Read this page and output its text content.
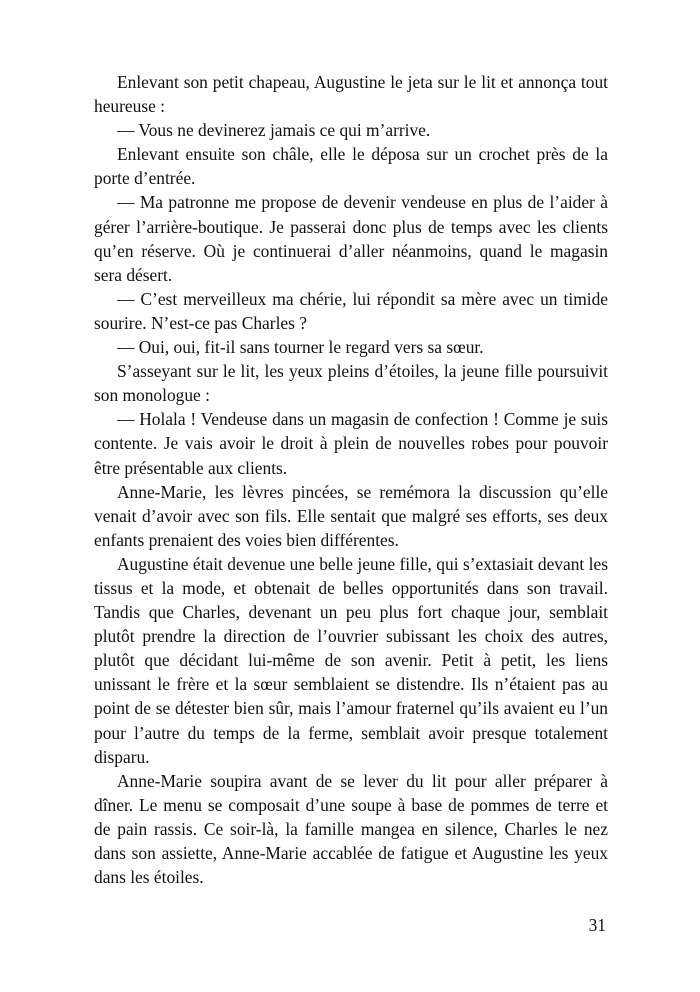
Enlevant son petit chapeau, Augustine le jeta sur le lit et annonça tout heureuse :

— Vous ne devinerez jamais ce qui m’arrive.

Enlevant ensuite son châle, elle le déposa sur un crochet près de la porte d’entrée.

— Ma patronne me propose de devenir vendeuse en plus de l’aider à gérer l’arrière-boutique. Je passerai donc plus de temps avec les clients qu’en réserve. Où je continuerai d’aller néanmoins, quand le magasin sera désert.

— C’est merveilleux ma chérie, lui répondit sa mère avec un timide sourire. N’est-ce pas Charles ?

— Oui, oui, fit-il sans tourner le regard vers sa sœur.

S’asseyant sur le lit, les yeux pleins d’étoiles, la jeune fille poursuivit son monologue :

— Holala ! Vendeuse dans un magasin de confection ! Comme je suis contente. Je vais avoir le droit à plein de nouvelles robes pour pouvoir être présentable aux clients.

Anne-Marie, les lèvres pincées, se remémora la discussion qu’elle venait d’avoir avec son fils. Elle sentait que malgré ses efforts, ses deux enfants prenaient des voies bien différentes.

Augustine était devenue une belle jeune fille, qui s’extasiait devant les tissus et la mode, et obtenait de belles opportunités dans son travail. Tandis que Charles, devenant un peu plus fort chaque jour, semblait plutôt prendre la direction de l’ouvrier subissant les choix des autres, plutôt que décidant lui-même de son avenir. Petit à petit, les liens unissant le frère et la sœur semblaient se distendre. Ils n’étaient pas au point de se détester bien sûr, mais l’amour fraternel qu’ils avaient eu l’un pour l’autre du temps de la ferme, semblait avoir presque totalement disparu.

Anne-Marie soupira avant de se lever du lit pour aller préparer à dîner. Le menu se composait d’une soupe à base de pommes de terre et de pain rassis. Ce soir-là, la famille mangea en silence, Charles le nez dans son assiette, Anne-Marie accablée de fatigue et Augustine les yeux dans les étoiles.

31
